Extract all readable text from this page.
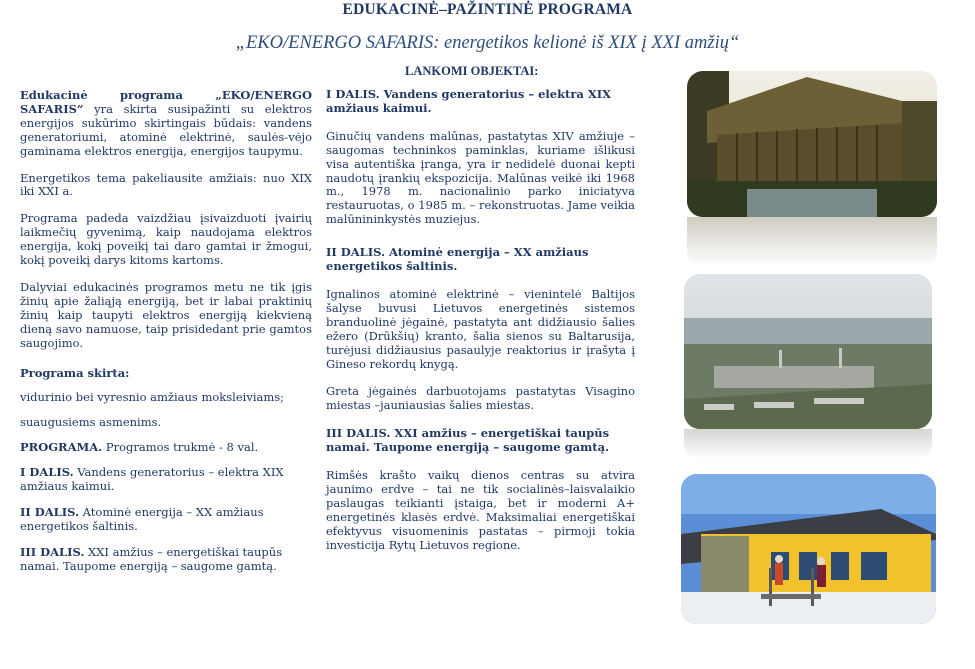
EDUKACINĖ–PAŽINTINĖ PROGRAMA
„EKO/ENERGO SAFARIS: energetikos kelionė iš XIX į XXI amžių“
LANKOMI OBJEKTAI:

Edukacinė programa „EKO/ENERGO SAFARIS“ yra skirta susipažinti su elektros energijos sukūrimo skirtingais būdais: vandens generatoriumi, atominė elektrinė, saulės-vėjo gaminama elektros energija, energijos taupymu.

Energetikos tema pakeliausite amžiais: nuo XIX iki XXI a.

Programa padeda vaizdžiau įsivaizduoti įvairių laikmečių gyvenimą, kaip naudojama elektros energija, kokį poveikį tai daro gamtai ir žmogui, kokį poveikį darys kitoms kartoms.

Dalyviai edukacinės programos metu ne tik įgis žinių apie žaliąją energiją, bet ir labai praktinių žinių kaip taupyti elektros energiją kiekvieną dieną savo namuose, taip prisidedant prie gamtos saugojimo.

Programa skirta:

vidurinio bei vyresnio amžiaus moksleiviams;

suaugusiems asmenims.

PROGRAMA. Programos trukmė - 8 val.

I DALIS. Vandens generatorius – elektra XIX amžiaus kaimui.

II DALIS. Atominė energija – XX amžiaus energetikos šaltinis.

III DALIS. XXI amžius – energetiškai taupūs namai. Taupome energiją – saugome gamtą.

I DALIS. Vandens generatorius – elektra XIX amžiaus kaimui.

Ginučių vandens malūnas, pastatytas XIV amžiuje –saugomas techninkos paminklas, kuriame išlikusi visa autentiška įranga, yra ir nedidelė duonai kepti naudotų įrankių ekspozicija. Malūnas veikė iki 1968 m., 1978 m. nacionalinio parko iniciatyva restauruotas, o 1985 m. – rekonstruotas. Jame veikia malūnininkystės muziejus.

II DALIS. Atominė energija – XX amžiaus energetikos šaltinis.

Ignalinos atominė elektrinė – vienintelė Baltijos šalyse buvusi Lietuvos energetinės sistemos branduolinė jėgainė, pastatyta ant didžiausio šalies ežero (Drūkšių) kranto, šalia sienos su Baltarusija, turėjusi didžiausius pasaulyje reaktorius ir įrašyta į Gineso rekordų knygą.

Greta jėgainės darbuotojams pastatytas Visagino miestas –jauniausias šalies miestas.

III DALIS. XXI amžius – energetiškai taupūs namai. Taupome energiją – saugome gamtą.

Rimšės krašto vaikų dienos centras su atvira jaunimo erdve – tai ne tik socialinės–laisvalaikio paslaugas teikianti įstaiga, bet ir moderni A+ energetinės klasės erdvė. Maksimaliai energetiškai efektyvus visuomeninis pastatas – pirmoji tokia investicija Rytų Lietuvos regione.
